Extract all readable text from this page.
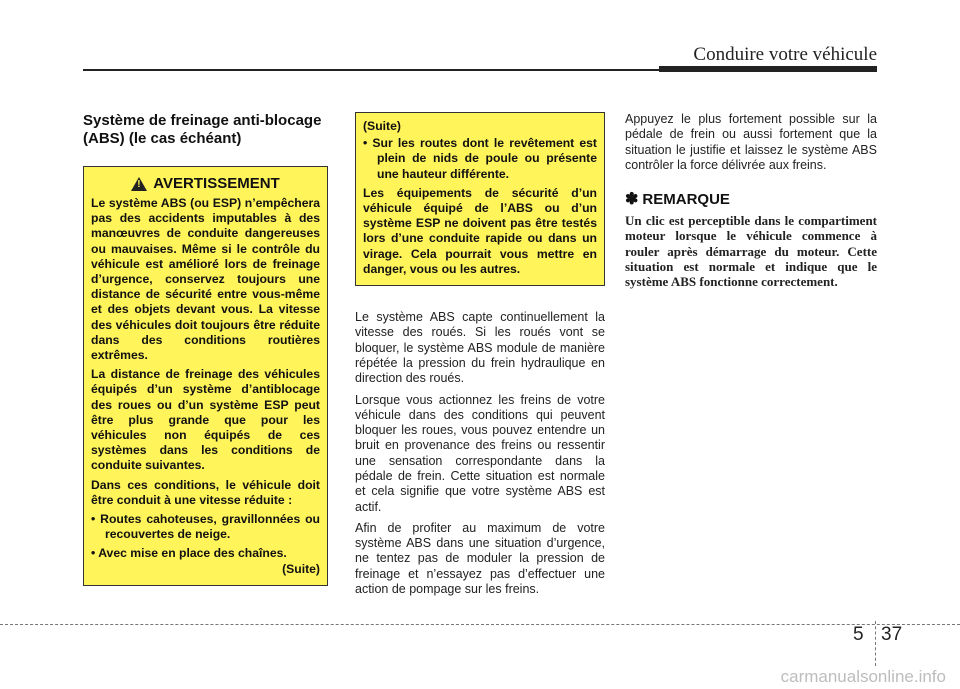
Conduire votre véhicule
Système de freinage anti-blocage (ABS) (le cas échéant)
!
AVERTISSEMENT

Le système ABS (ou ESP) n’empêchera pas des accidents imputables à des manœuvres de conduite dangereuses ou mauvaises. Même si le contrôle du véhicule est amélioré lors de freinage d’urgence, conservez toujours une distance de sécurité entre vous-même et des objets devant vous. La vitesse des véhicules doit toujours être réduite dans des conditions routières extrêmes.

La distance de freinage des véhicules équipés d’un système d’antiblocage des roues ou d’un système ESP peut être plus grande que pour les véhicules non équipés de ces systèmes dans les conditions de conduite suivantes.

Dans ces conditions, le véhicule doit être conduit à une vitesse réduite :

• Routes cahoteuses, gravillonnées ou recouvertes de neige.

• Avec mise en place des chaînes.

(Suite)

(Suite)

• Sur les routes dont le revêtement est plein de nids de poule ou présente une hauteur différente.

Les équipements de sécurité d’un véhicule équipé de l’ABS ou d’un système ESP ne doivent pas être testés lors d’une conduite rapide ou dans un virage. Cela pourrait vous mettre en danger, vous ou les autres.

Le système ABS capte continuellement la vitesse des roués. Si les roués vont se bloquer, le système ABS module de manière répétée la pression du frein hydraulique en direction des roués.

Lorsque vous actionnez les freins de votre véhicule dans des conditions qui peuvent bloquer les roues, vous pouvez entendre un bruit en provenance des freins ou ressentir une sensation correspondante dans la pédale de frein. Cette situation est normale et cela signifie que votre système ABS est actif.

Afin de profiter au maximum de votre système ABS dans une situation d’urgence, ne tentez pas de moduler la pression de freinage et n’essayez pas d’effectuer une action de pompage sur les freins.

Appuyez le plus fortement possible sur la pédale de frein ou aussi fortement que la situation le justifie et laissez le système ABS contrôler la force délivrée aux freins.

✽ REMARQUE

Un clic est perceptible dans le compartiment moteur lorsque le véhicule commence à rouler après démarrage du moteur. Cette situation est normale et indique que le système ABS fonctionne correctement.

5 37
carmanualsonline.info
